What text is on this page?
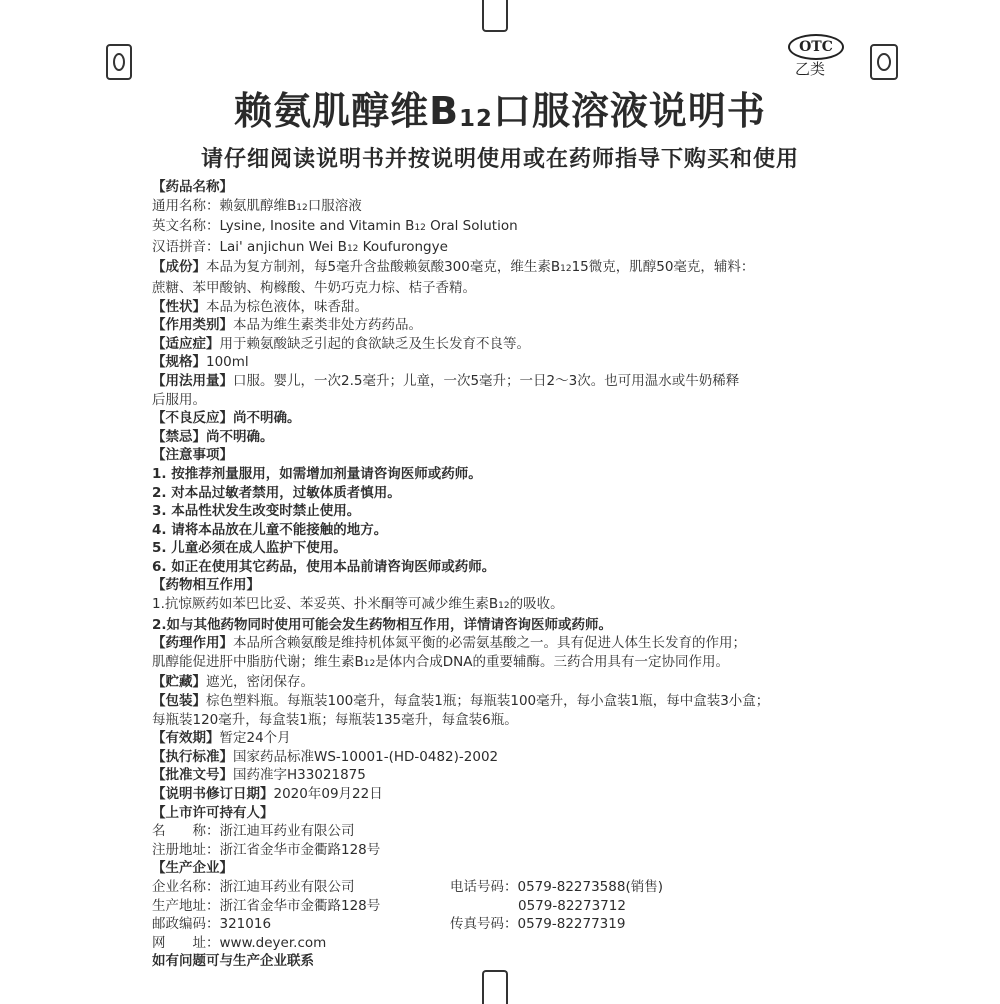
OTC
乙类
赖氨肌醇维B12口服溶液说明书
请仔细阅读说明书并按说明使用或在药师指导下购买和使用
【药品名称】
通用名称：赖氨肌醇维B12口服溶液
英文名称：Lysine, Inosite and Vitamin B12 Oral Solution
汉语拼音：Lai' anjichun Wei B12 Koufurongye
【成份】本品为复方制剂，每5毫升含盐酸赖氨酸300毫克，维生素B1215微克，肌醇50毫克，辅料：
蔗糖、苯甲酸钠、枸橼酸、牛奶巧克力棕、桔子香精。
【性状】本品为棕色液体，味香甜。
【作用类别】本品为维生素类非处方药药品。
【适应症】用于赖氨酸缺乏引起的食欲缺乏及生长发育不良等。
【规格】100ml
【用法用量】口服。婴儿，一次2.5毫升；儿童，一次5毫升；一日2～3次。也可用温水或牛奶稀释
后服用。
【不良反应】尚不明确。
【禁忌】尚不明确。
【注意事项】
1. 按推荐剂量服用，如需增加剂量请咨询医师或药师。
2. 对本品过敏者禁用，过敏体质者慎用。
3. 本品性状发生改变时禁止使用。
4. 请将本品放在儿童不能接触的地方。
5. 儿童必须在成人监护下使用。
6. 如正在使用其它药品，使用本品前请咨询医师或药师。
【药物相互作用】
1.抗惊厥药如苯巴比妥、苯妥英、扑米酮等可减少维生素B12的吸收。
2.如与其他药物同时使用可能会发生药物相互作用，详情请咨询医师或药师。
【药理作用】本品所含赖氨酸是维持机体氮平衡的必需氨基酸之一。具有促进人体生长发育的作用；
肌醇能促进肝中脂肪代谢；维生素B12是体内合成DNA的重要辅酶。三药合用具有一定协同作用。
【贮藏】遮光，密闭保存。
【包装】棕色塑料瓶。每瓶装100毫升，每盒装1瓶；每瓶装100毫升，每小盒装1瓶，每中盒装3小盒；
每瓶装120毫升，每盒装1瓶；每瓶装135毫升，每盒装6瓶。
【有效期】暂定24个月
【执行标准】国家药品标准WS-10001-(HD-0482)-2002
【批准文号】国药准字H33021875
【说明书修订日期】2020年09月22日
【上市许可持有人】
名　　称：浙江迪耳药业有限公司
注册地址：浙江省金华市金衢路128号
【生产企业】
企业名称：浙江迪耳药业有限公司	电话号码：0579-82273588(销售)
生产地址：浙江省金华市金衢路128号	0579-82273712
邮政编码：321016	传真号码：0579-82277319
网　　址：www.deyer.com
如有问题可与生产企业联系
